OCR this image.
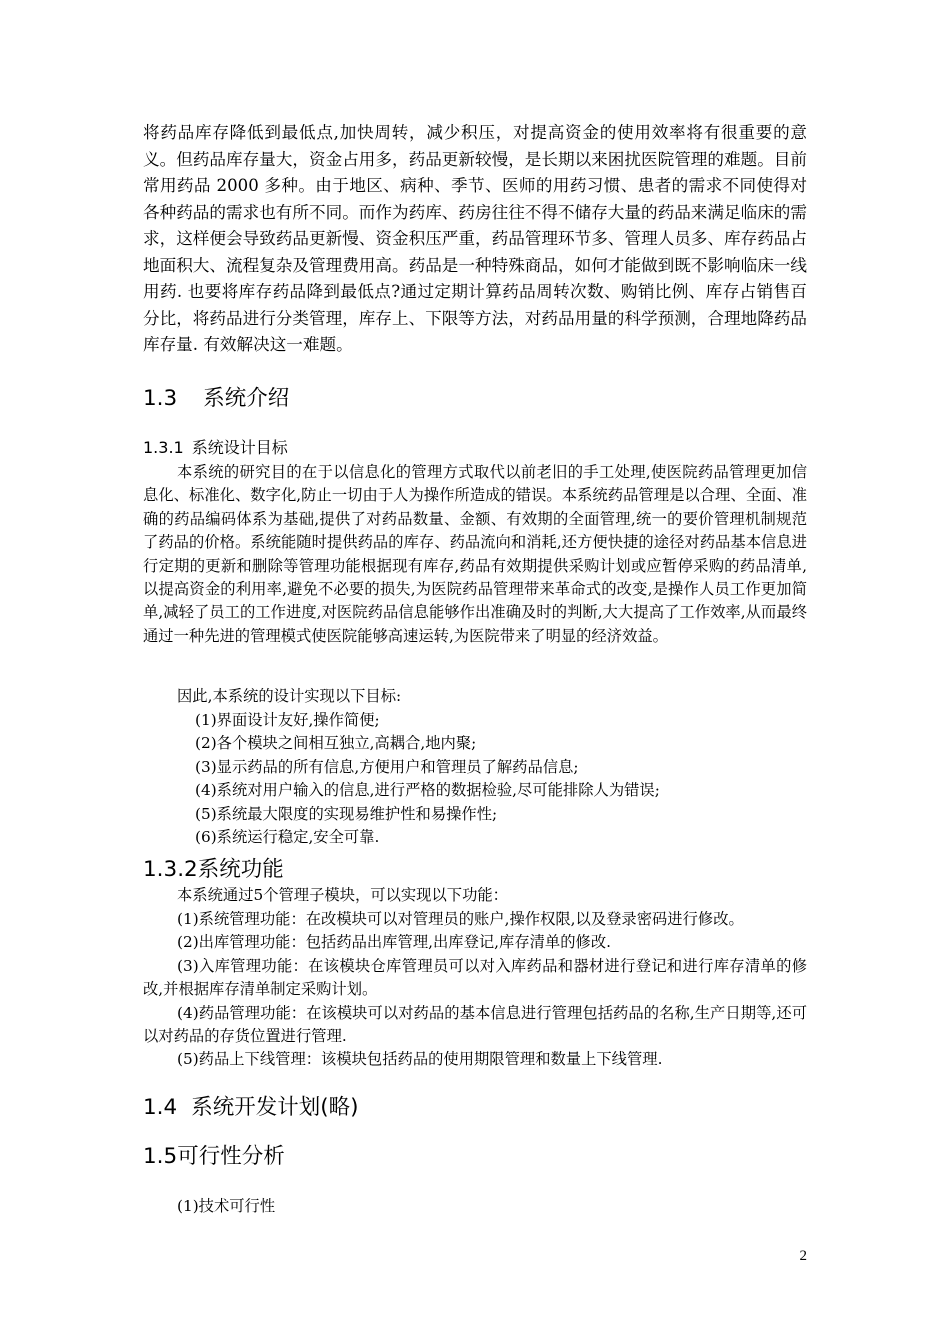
将药品库存降低到最低点,加快周转，减少积压，对提高资金的使用效率将有很重要的意义。但药品库存量大，资金占用多，药品更新较慢，是长期以来困扰医院管理的难题。目前常用药品 2000 多种。由于地区、病种、季节、医师的用药习惯、患者的需求不同使得对各种药品的需求也有所不同。而作为药库、药房往往不得不储存大量的药品来满足临床的需求，这样便会导致药品更新慢、资金积压严重，药品管理环节多、管理人员多、库存药品占地面积大、流程复杂及管理费用高。药品是一种特殊商品，如何才能做到既不影响临床一线用药. 也要将库存药品降到最低点?通过定期计算药品周转次数、购销比例、库存占销售百分比，将药品进行分类管理，库存上、下限等方法，对药品用量的科学预测，合理地降药品库存量. 有效解决这一难题。

1.3 系统介绍
1.3.1 系统设计目标

本系统的研究目的在于以信息化的管理方式取代以前老旧的手工处理,使医院药品管理更加信息化、标准化、数字化,防止一切由于人为操作所造成的错误。本系统药品管理是以合理、全面、准确的药品编码体系为基础,提供了对药品数量、金额、有效期的全面管理,统一的要价管理机制规范了药品的价格。系统能随时提供药品的库存、药品流向和消耗,还方便快捷的途径对药品基本信息进行定期的更新和删除等管理功能根据现有库存,药品有效期提供采购计划或应暂停采购的药品清单,以提高资金的利用率,避免不必要的损失,为医院药品管理带来革命式的改变,是操作人员工作更加简单,减轻了员工的工作进度,对医院药品信息能够作出准确及时的判断,大大提高了工作效率,从而最终通过一种先进的管理模式使医院能够高速运转,为医院带来了明显的经济效益。

因此,本系统的设计实现以下目标:

(1)界面设计友好,操作简便;
(2)各个模块之间相互独立,高耦合,地内聚;
(3)显示药品的所有信息,方便用户和管理员了解药品信息;
(4)系统对用户输入的信息,进行严格的数据检验,尽可能排除人为错误;
(5)系统最大限度的实现易维护性和易操作性;
(6)系统运行稳定,安全可靠.
1.3.2系统功能

本系统通过5个管理子模块，可以实现以下功能：

(1)系统管理功能：在改模块可以对管理员的账户,操作权限,以及登录密码进行修改。
(2)出库管理功能：包括药品出库管理,出库登记,库存清单的修改.
(3)入库管理功能：在该模块仓库管理员可以对入库药品和器材进行登记和进行库存清单的修改,并根据库存清单制定采购计划。
(4)药品管理功能：在该模块可以对药品的基本信息进行管理包括药品的名称,生产日期等,还可以对药品的存货位置进行管理.
(5)药品上下线管理：该模块包括药品的使用期限管理和数量上下线管理.
1.4 系统开发计划(略)
1.5可行性分析

(1)技术可行性

2
